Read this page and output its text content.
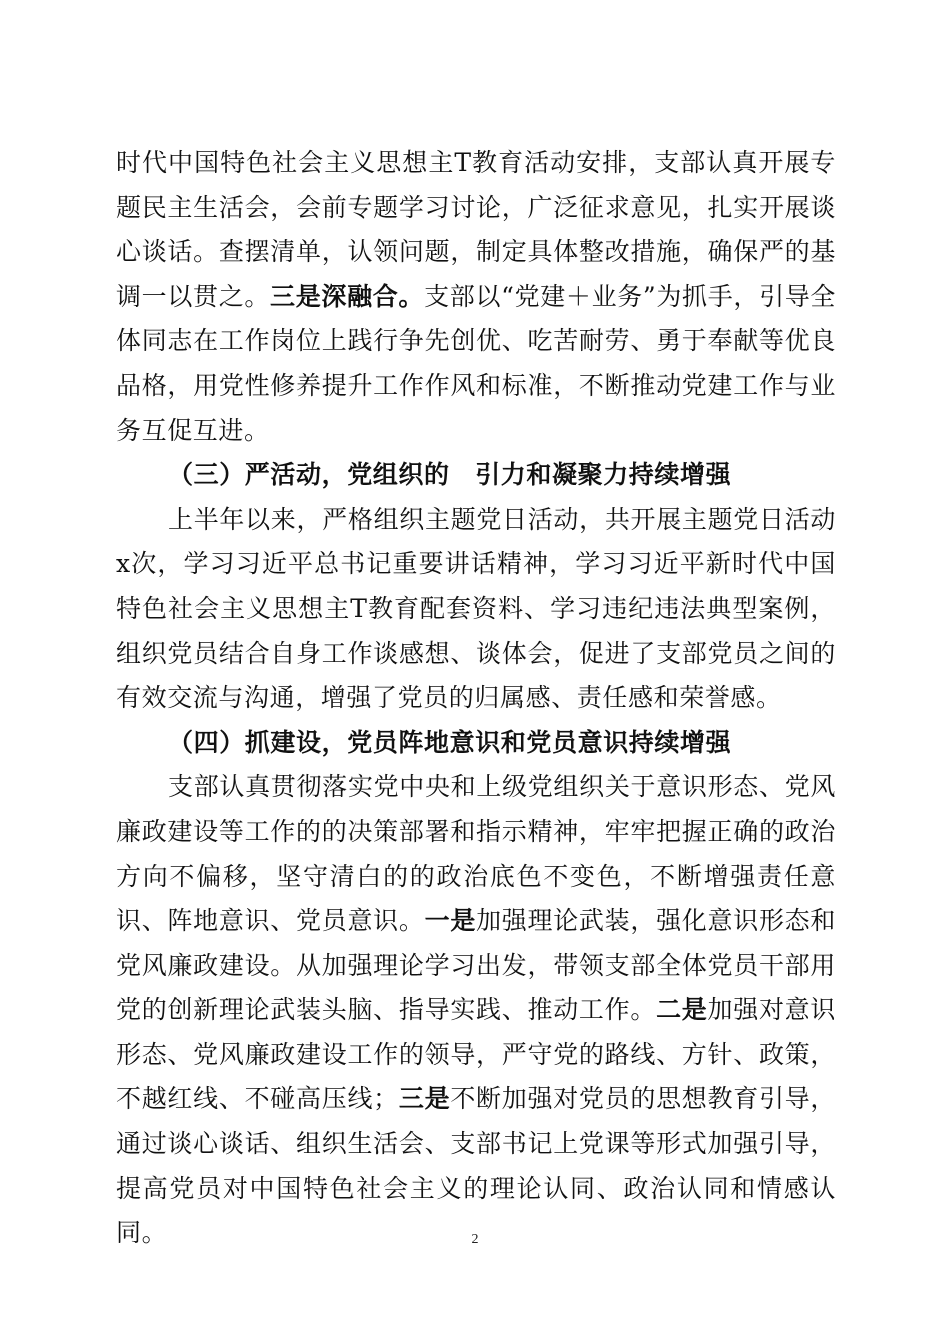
时代中国特色社会主义思想主T教育活动安排，支部认真开展专题民主生活会，会前专题学习讨论，广泛征求意见，扎实开展谈心谈话。查摆清单，认领问题，制定具体整改措施，确保严的基调一以贯之。三是深融合。支部以“党建＋业务”为抓手，引导全体同志在工作岗位上践行争先创优、吃苦耐劳、勇于奉献等优良品格，用党性修养提升工作作风和标准，不断推动党建工作与业务互促互进。

（三）严活动，党组织的　引力和凝聚力持续增强

上半年以来，严格组织主题党日活动，共开展主题党日活动x次，学习习近平总书记重要讲话精神，学习习近平新时代中国特色社会主义思想主T教育配套资料、学习违纪违法典型案例，组织党员结合自身工作谈感想、谈体会，促进了支部党员之间的有效交流与沟通，增强了党员的归属感、责任感和荣誉感。

（四）抓建设，党员阵地意识和党员意识持续增强

支部认真贯彻落实党中央和上级党组织关于意识形态、党风廉政建设等工作的的决策部署和指示精神，牢牢把握正确的政治方向不偏移，坚守清白的的政治底色不变色，不断增强责任意识、阵地意识、党员意识。一是加强理论武装，强化意识形态和党风廉政建设。从加强理论学习出发，带领支部全体党员干部用党的创新理论武装头脑、指导实践、推动工作。二是加强对意识形态、党风廉政建设工作的领导，严守党的路线、方针、政策，不越红线、不碰高压线；三是不断加强对党员的思想教育引导，通过谈心谈话、组织生活会、支部书记上党课等形式加强引导，提高党员对中国特色社会主义的理论认同、政治认同和情感认同。	2
